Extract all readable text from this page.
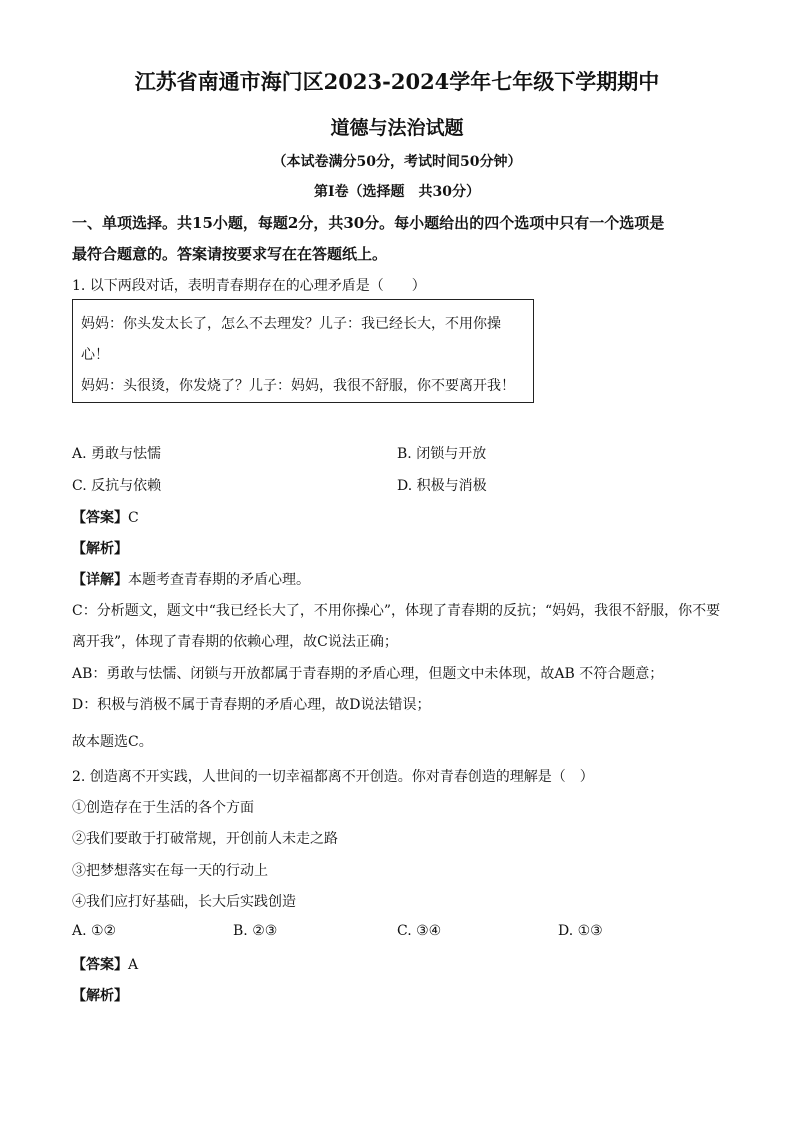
江苏省南通市海门区2023-2024学年七年级下学期期中
道德与法治试题
（本试卷满分50分，考试时间50分钟）
第Ⅰ卷（选择题　共30分）
一、单项选择。共15小题，每题2分，共30分。每小题给出的四个选项中只有一个选项是
最符合题意的。答案请按要求写在在答题纸上。
1. 以下两段对话，表明青春期存在的心理矛盾是（　　）
妈妈：你头发太长了，怎么不去理发？儿子：我已经长大，不用你操
心！
妈妈：头很烫，你发烧了？儿子：妈妈，我很不舒服，你不要离开我！
A. 勇敢与怯懦	B. 闭锁与开放
C. 反抗与依赖	D. 积极与消极
【答案】C
【解析】
【详解】本题考查青春期的矛盾心理。
C：分析题文，题文中“我已经长大了，不用你操心”，体现了青春期的反抗；“妈妈，我很不舒服，你不要
离开我”，体现了青春期的依赖心理，故C说法正确；
AB：勇敢与怯懦、闭锁与开放都属于青春期的矛盾心理，但题文中未体现，故AB 不符合题意；
D：积极与消极不属于青春期的矛盾心理，故D说法错误；
故本题选C。
2. 创造离不开实践，人世间的一切幸福都离不开创造。你对青春创造的理解是（　）
①创造存在于生活的各个方面
②我们要敢于打破常规，开创前人未走之路
③把梦想落实在每一天的行动上
④我们应打好基础，长大后实践创造
A. ①②	B. ②③	C. ③④	D. ①③
【答案】A
【解析】
